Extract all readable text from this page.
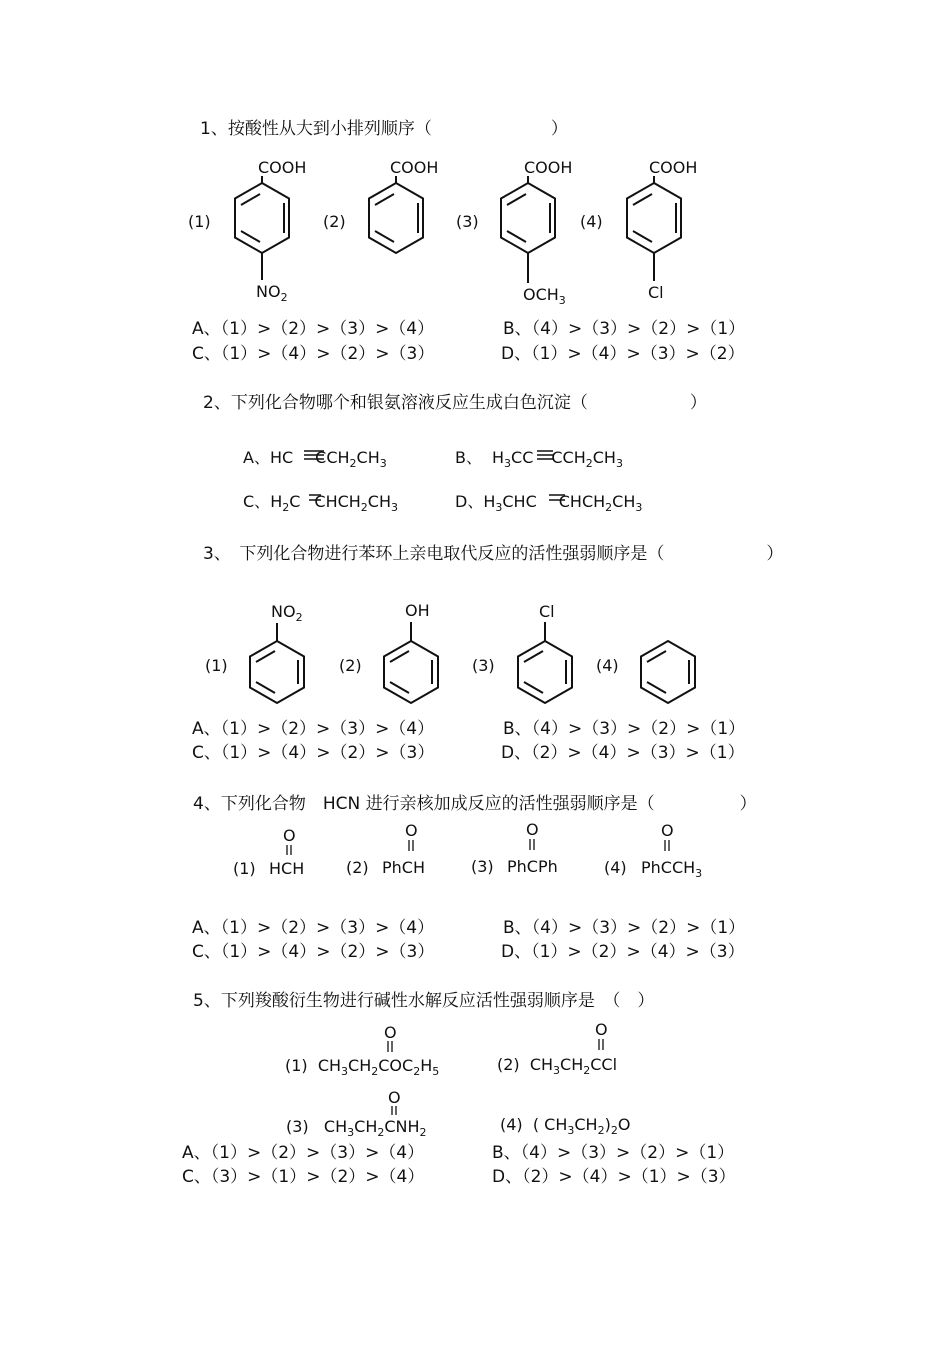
1、按酸性从大到小排列顺序（　　　　　　　）
(1)	(2)	(3)	(4)
COOH	COOH	COOH	COOH
$NO_2$	$OCH_3$	Cl
A、（1）>（2）>（3）>（4）	B、（4）>（3）>（2）>（1）
C、（1）>（4）>（2）>（3）	D、（1）>（4）>（3）>（2）
2、下列化合物哪个和银氨溶液反应生成白色沉淀（　　　　　　）
A、HC $CCH_2CH_3$	B、 $H_3CC$ $CCH_2CH_3$
C、$H_2C$ $CHCH_2CH_3$	D、$H_3CHC$ $CHCH_2CH_3$
3、　下列化合物进行苯环上亲电取代反应的活性强弱顺序是（　　　　　　）
(1)	(2)	(3)	(4)
$NO_2$	OH	Cl
A、（1）>（2）>（3）>（4）	B、（4）>（3）>（2）>（1）
C、（1）>（4）>（2）>（3）	D、（2）>（4）>（3）>（1）
4、下列化合物　HCN 进行亲核加成反应的活性强弱顺序是（　　　　　）
O	O	O	O
(1) HCH	(2) PhCH	(3) PhCPh	(4) PhCCH$_3$
A、（1）>（2）>（3）>（4）	B、（4）>（3）>（2）>（1）
C、（1）>（4）>（2）>（3）	D、（1）>（2）>（4）>（3）
5、下列羧酸衍生物进行碱性水解反应活性强弱顺序是　（　）
O	O
O
(1)  $CH_3CH_2COC_2H_5$	(2)  $CH_3CH_2CCl$
(3)   $CH_3CH_2CNH_2$	(4)  ( $CH_3CH_2)_2O$
A、（1）>（2）>（3）>（4）	B、（4）>（3）>（2）>（1）
C、（3）>（1）>（2）>（4）	D、（2）>（4）>（1）>（3）
